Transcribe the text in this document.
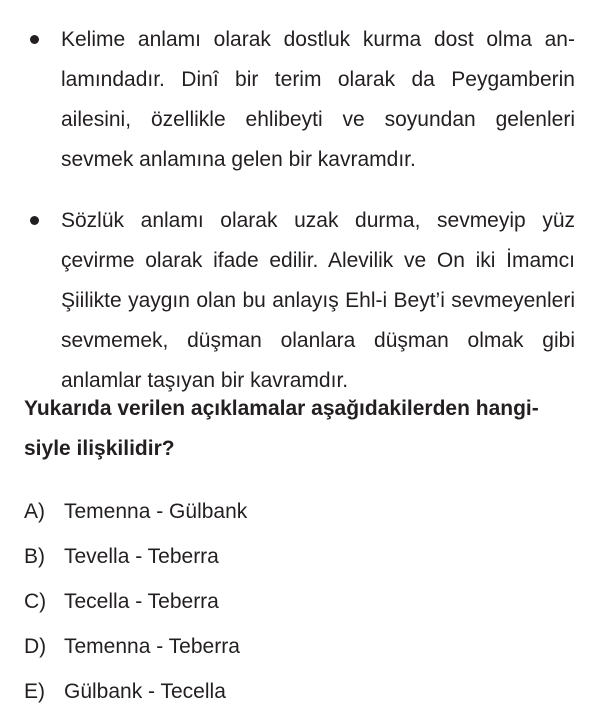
Kelime anlamı olarak dostluk kurma dost olma anlamındadır. Dinî bir terim olarak da Peygamberin ailesini, özellikle ehlibeyti ve soyundan gelenleri sevmek anlamına gelen bir kavramdır.
Sözlük anlamı olarak uzak durma, sevmeyip yüz çevirme olarak ifade edilir. Alevilik ve On iki İmamcı Şiilikte yaygın olan bu anlayış Ehl-i Beyt’i sevmeyenleri sevmemek, düşman olanlara düşman olmak gibi anlamlar taşıyan bir kavramdır.

Yukarıda verilen açıklamalar aşağıdakilerden hangisiyle ilişkilidir?

A) Temenna - Gülbank
B) Tevella - Teberra
C) Tecella - Teberra
D) Temenna - Teberra
E) Gülbank - Tecella
